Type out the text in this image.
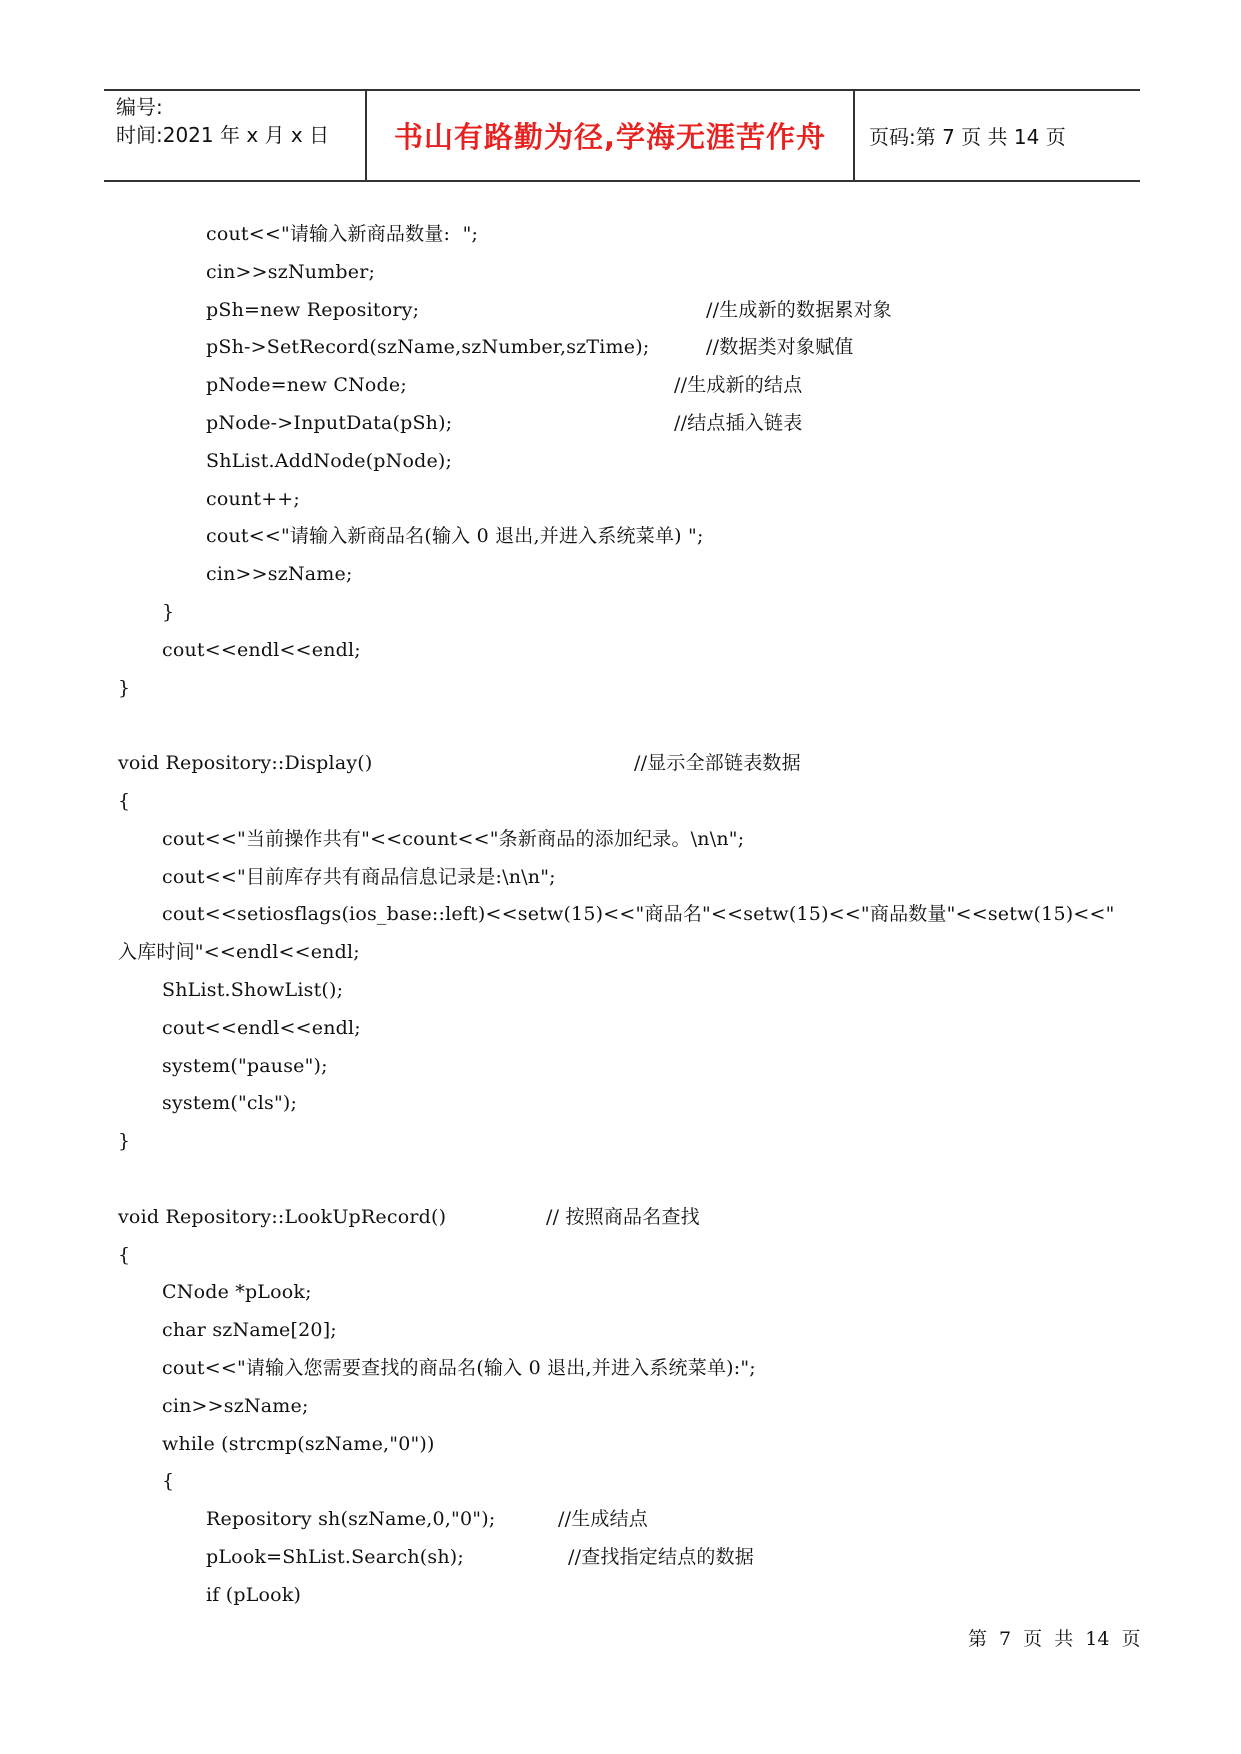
编号:
时间:2021 年 x 月 x 日	书山有路勤为径,学海无涯苦作舟	页码:第 7 页 共 14 页
cout<<"请输入新商品数量:  ";
cin>>szNumber;
pSh=new Repository;	//生成新的数据累对象
pSh->SetRecord(szName,szNumber,szTime);	//数据类对象赋值
pNode=new CNode;	//生成新的结点
pNode->InputData(pSh);	//结点插入链表
ShList.AddNode(pNode);
count++;
cout<<"请输入新商品名(输入 0 退出,并进入系统菜单) ";
cin>>szName;
}
cout<<endl<<endl;
}
void Repository::Display()	//显示全部链表数据
{
cout<<"当前操作共有"<<count<<"条新商品的添加纪录。\n\n";
cout<<"目前库存共有商品信息记录是:\n\n";
cout<<setiosflags(ios_base::left)<<setw(15)<<"商品名"<<setw(15)<<"商品数量"<<setw(15)<<"
入库时间"<<endl<<endl;
ShList.ShowList();
cout<<endl<<endl;
system("pause");
system("cls");
}
void Repository::LookUpRecord()	// 按照商品名查找
{
CNode *pLook;
char szName[20];
cout<<"请输入您需要查找的商品名(输入 0 退出,并进入系统菜单):";
cin>>szName;
while (strcmp(szName,"0"))
{
Repository sh(szName,0,"0");	//生成结点
pLook=ShList.Search(sh);	//查找指定结点的数据
if (pLook)
第 7 页 共 14 页
